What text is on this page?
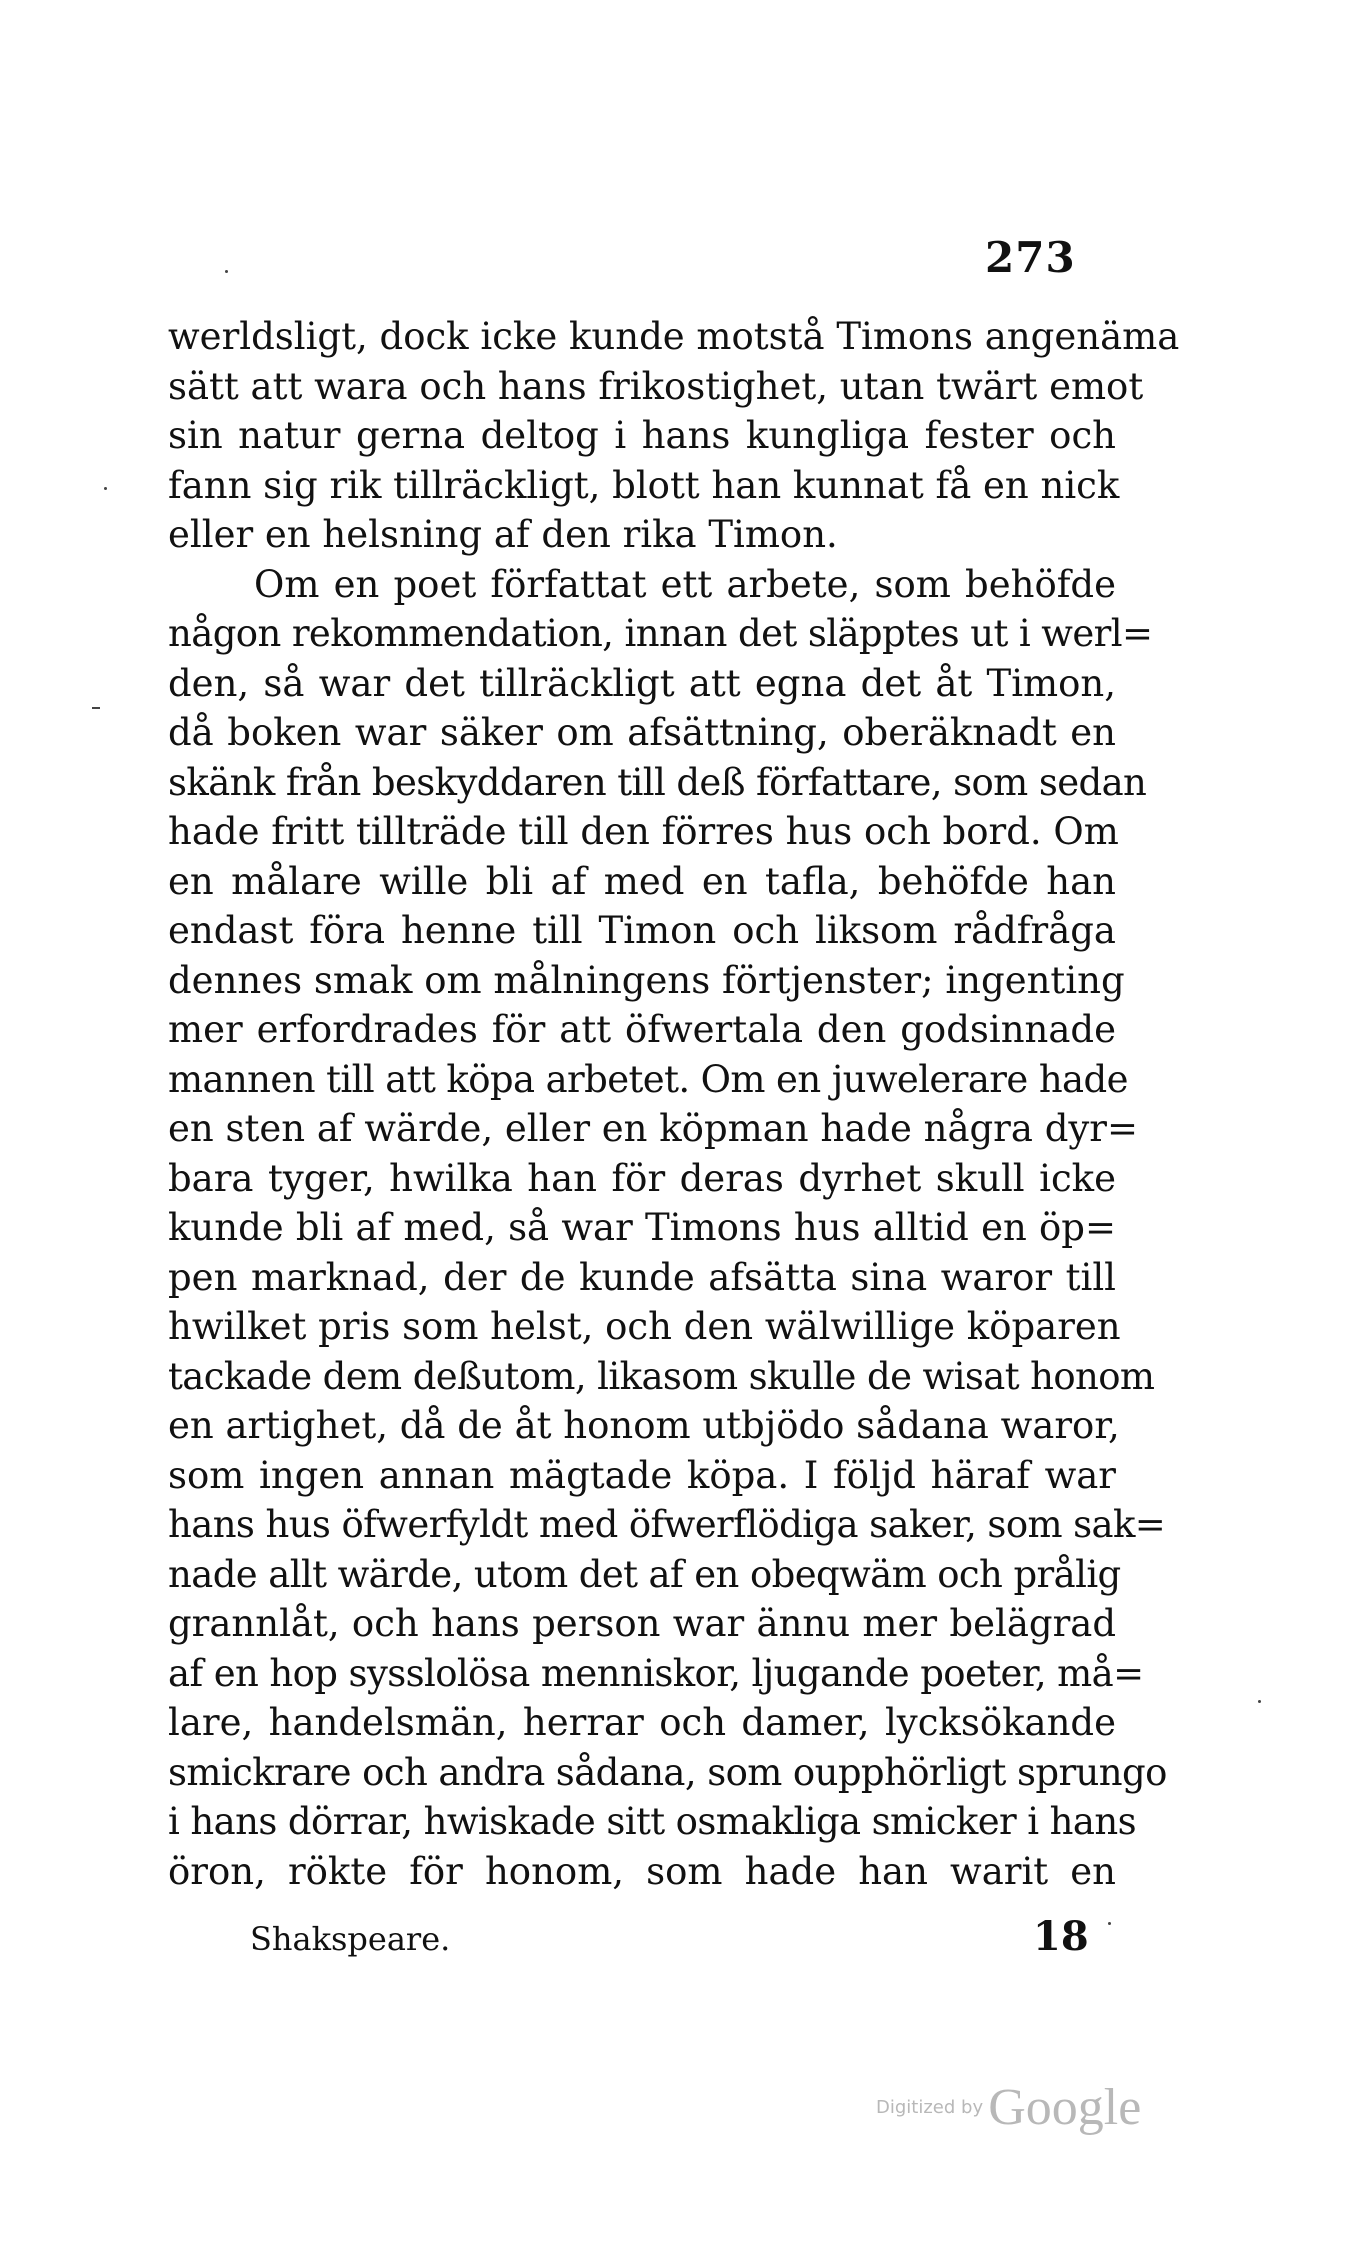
273
werldsligt, dock icke kunde motstå Timons angenäma
sätt att wara och hans frikostighet, utan twärt emot
sin natur gerna deltog i hans kungliga fester och
fann sig rik tillräckligt, blott han kunnat få en nick
eller en helsning af den rika Timon.
Om en poet författat ett arbete, som behöfde
någon rekommendation, innan det släpptes ut i werl=
den, så war det tillräckligt att egna det åt Timon,
då boken war säker om afsättning, oberäknadt en
skänk från beskyddaren till deß författare, som sedan
hade fritt tillträde till den förres hus och bord. Om
en målare wille bli af med en tafla, behöfde han
endast föra henne till Timon och liksom rådfråga
dennes smak om målningens förtjenster; ingenting
mer erfordrades för att öfwertala den godsinnade
mannen till att köpa arbetet. Om en juwelerare hade
en sten af wärde, eller en köpman hade några dyr=
bara tyger, hwilka han för deras dyrhet skull icke
kunde bli af med, så war Timons hus alltid en öp=
pen marknad, der de kunde afsätta sina waror till
hwilket pris som helst, och den wälwillige köparen
tackade dem deßutom, likasom skulle de wisat honom
en artighet, då de åt honom utbjödo sådana waror,
som ingen annan mägtade köpa. I följd häraf war
hans hus öfwerfyldt med öfwerflödiga saker, som sak=
nade allt wärde, utom det af en obeqwäm och prålig
grannlåt, och hans person war ännu mer belägrad
af en hop sysslolösa menniskor, ljugande poeter, må=
lare, handelsmän, herrar och damer, lycksökande
smickrare och andra sådana, som oupphörligt sprungo
i hans dörrar, hwiskade sitt osmakliga smicker i hans
öron, rökte för honom, som hade han warit en
Shakspeare.	18
Digitized by Google
